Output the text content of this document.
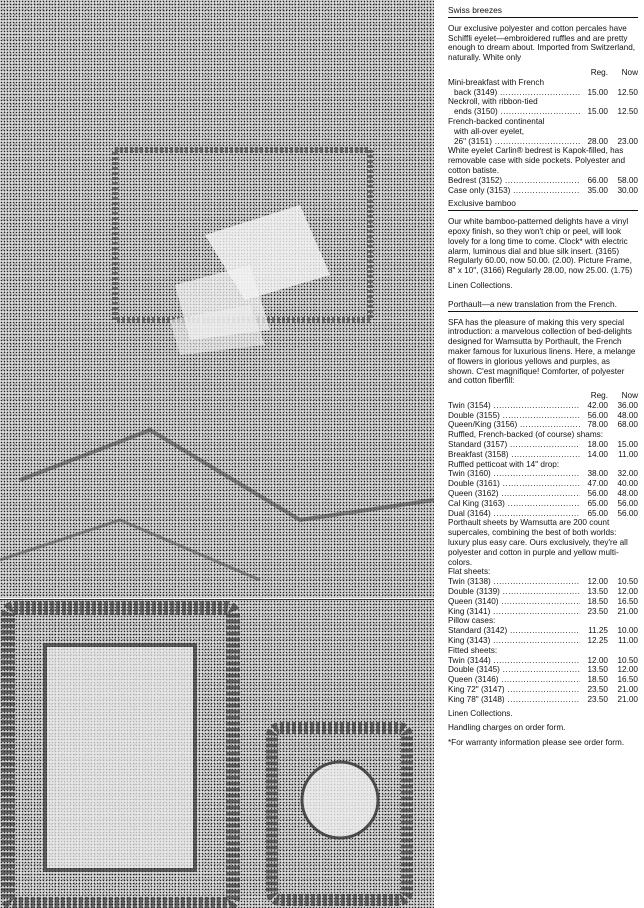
Swiss breezes
Our exclusive polyester and cotton percales have Schiffli eyelet—embroidered ruffles and are pretty enough to dream about. Imported from Switzerland, naturally. White only
Reg.	Now
Mini-breakfast with French
back (3149) .....	15.00	12.50
Neckroll, with ribbon-tied
ends (3150) .....	15.00	12.50
French-backed continental
with all-over eyelet,
26" (3151) .....	28.00	23.00
White eyelet Carlin® bedrest is Kapok-filled, has removable case with side pockets. Polyester and cotton batiste.
Bedrest (3152) .....	66.00	58.00
Case only (3153) .....	35.00	30.00
Exclusive bamboo
Our white bamboo-patterned delights have a vinyl epoxy finish, so they won't chip or peel, will look lovely for a long time to come. Clock* with electric alarm, luminous dial and blue silk insert. (3165) Regularly 60.00, now 50.00. (2.00). Picture Frame, 8" x 10", (3166) Regularly 28.00, now 25.00. (1.75)
Linen Collections.
Porthault—a new translation from the French.
SFA has the pleasure of making this very special introduction: a marvelous collection of bed-delights designed for Wamsutta by Porthault, the French maker famous for luxurious linens. Here, a melange of flowers in glorious yellows and purples, as shown. C'est magnifique! Comforter, of polyester and cotton fiberfill:
Reg.	Now
Twin (3154) .....	42.00	36.00
Double (3155) .....	56.00	48.00
Queen/King (3156) .....	78.00	68.00
Ruffled, French-backed (of course) shams:
Standard (3157) .....	18.00	15.00
Breakfast (3158) .....	14.00	11.00
Ruffled petticoat with 14" drop:
Twin (3160) .....	38.00	32.00
Double (3161) .....	47.00	40.00
Queen (3162) .....	56.00	48.00
Cal King (3163) .....	65.00	56.00
Dual (3164) .....	65.00	56.00
Porthault sheets by Wamsutta are 200 count supercales, combining the best of both worlds: luxury plus easy care. Ours exclusively, they're all polyester and cotton in purple and yellow multi-colors.
Flat sheets:
Twin (3138) .....	12.00	10.50
Double (3139) .....	13.50	12.00
Queen (3140) .....	18.50	16.50
King (3141) .....	23.50	21.00
Pillow cases:
Standard (3142) .....	11.25	10.00
King (3143) .....	12.25	11.00
Fitted sheets:
Twin (3144) .....	12.00	10.50
Double (3145) .....	13.50	12.00
Queen (3146) .....	18.50	16.50
King 72" (3147) .....	23.50	21.00
King 78" (3148) .....	23.50	21.00
Linen Collections.
Handling charges on order form.
*For warranty information please see order form.
